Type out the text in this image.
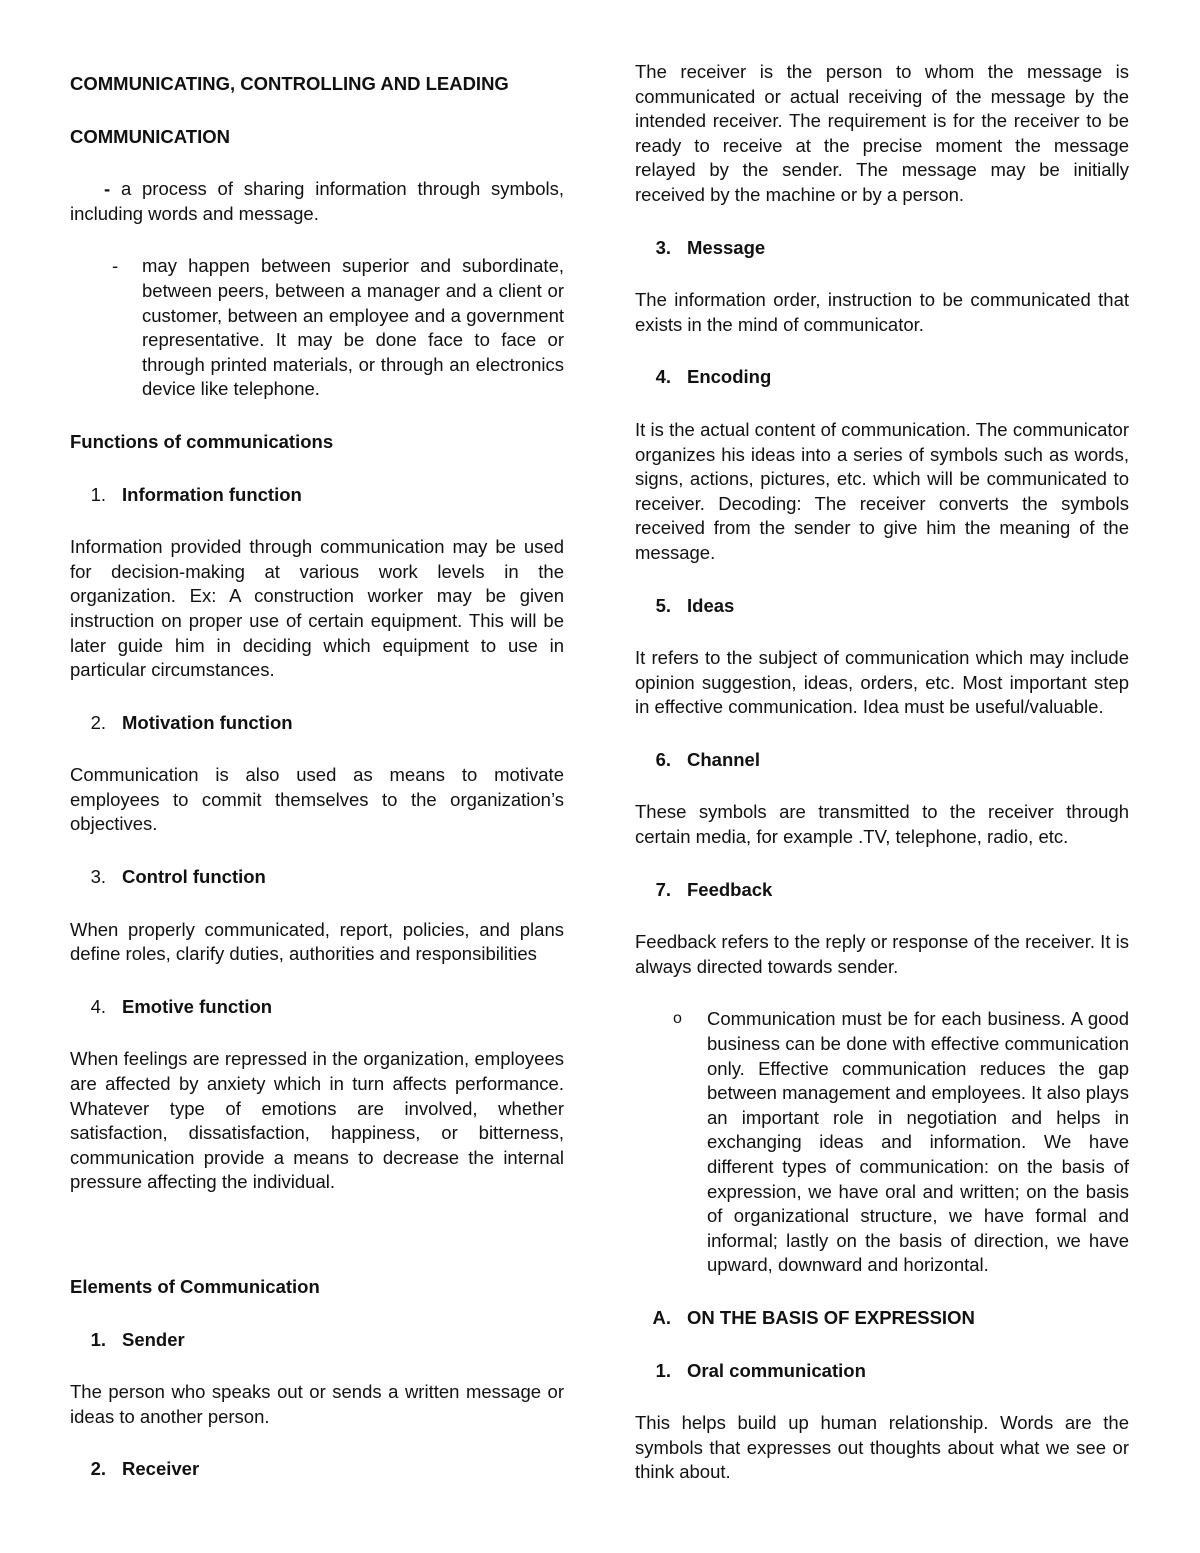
COMMUNICATING, CONTROLLING AND LEADING

COMMUNICATION

- a process of sharing information through symbols, including words and message.

-	may happen between superior and subordinate, between peers, between a manager and a client or customer, between an employee and a government representative. It may be done face to face or through printed materials, or through an electronics device like telephone.

Functions of communications

1. Information function

Information provided through communication may be used for decision-making at various work levels in the organization. Ex: A construction worker may be given instruction on proper use of certain equipment. This will be later guide him in deciding which equipment to use in particular circumstances.

2. Motivation function

Communication is also used as means to motivate employees to commit themselves to the organization’s objectives.

3. Control function

When properly communicated, report, policies, and plans define roles, clarify duties, authorities and responsibilities

4. Emotive function

When feelings are repressed in the organization, employees are affected by anxiety which in turn affects performance. Whatever type of emotions are involved, whether satisfaction, dissatisfaction, happiness, or bitterness, communication provide a means to decrease the internal pressure affecting the individual.

Elements of Communication

1. Sender

The person who speaks out or sends a written message or ideas to another person.

2. Receiver

The receiver is the person to whom the message is communicated or actual receiving of the message by the intended receiver. The requirement is for the receiver to be ready to receive at the precise moment the message relayed by the sender. The message may be initially received by the machine or by a person.

3. Message

The information order, instruction to be communicated that exists in the mind of communicator.

4. Encoding

It is the actual content of communication. The communicator organizes his ideas into a series of symbols such as words, signs, actions, pictures, etc. which will be communicated to receiver. Decoding: The receiver converts the symbols received from the sender to give him the meaning of the message.

5. Ideas

It refers to the subject of communication which may include opinion suggestion, ideas, orders, etc. Most important step in effective communication. Idea must be useful/valuable.

6. Channel

These symbols are transmitted to the receiver through certain media, for example .TV, telephone, radio, etc.

7. Feedback

Feedback refers to the reply or response of the receiver. It is always directed towards sender.

o	Communication must be for each business. A good business can be done with effective communication only. Effective communication reduces the gap between management and employees. It also plays an important role in negotiation and helps in exchanging ideas and information. We have different types of communication: on the basis of expression, we have oral and written; on the basis of organizational structure, we have formal and informal; lastly on the basis of direction, we have upward, downward and horizontal.
A. ON THE BASIS OF EXPRESSION
1. Oral communication

This helps build up human relationship. Words are the symbols that expresses out thoughts about what we see or think about.
